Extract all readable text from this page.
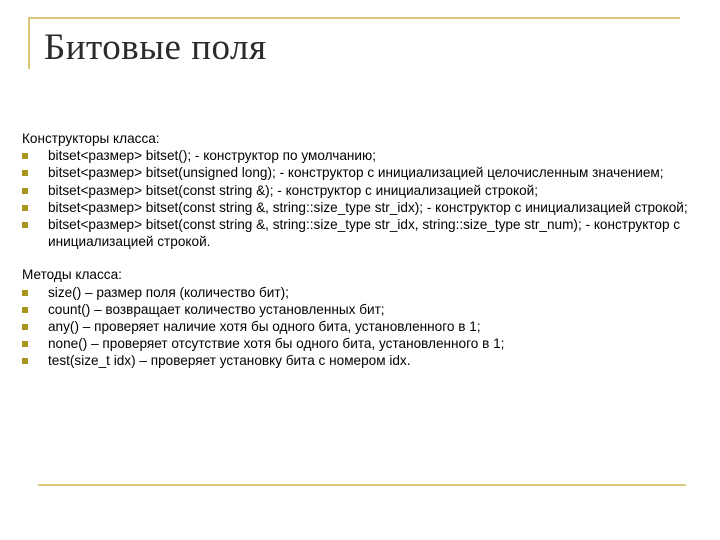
Битовые поля
Конструкторы класса:
bitset<размер> bitset(); - конструктор по умолчанию;
bitset<размер> bitset(unsigned long); - конструктор с инициализацией целочисленным значением;
bitset<размер> bitset(const string &); - конструктор с инициализацией строкой;
bitset<размер> bitset(const string &, string::size_type str_idx); - конструктор с инициализацией строкой;
bitset<размер> bitset(const string &, string::size_type str_idx, string::size_type str_num); - конструктор с инициализацией строкой.
Методы класса:
size() – размер поля (количество бит);
count() – возвращает количество установленных бит;
any() – проверяет наличие хотя бы одного бита, установленного в 1;
none() – проверяет отсутствие хотя бы одного бита, установленного в 1;
test(size_t idx) – проверяет установку бита с номером idx.
